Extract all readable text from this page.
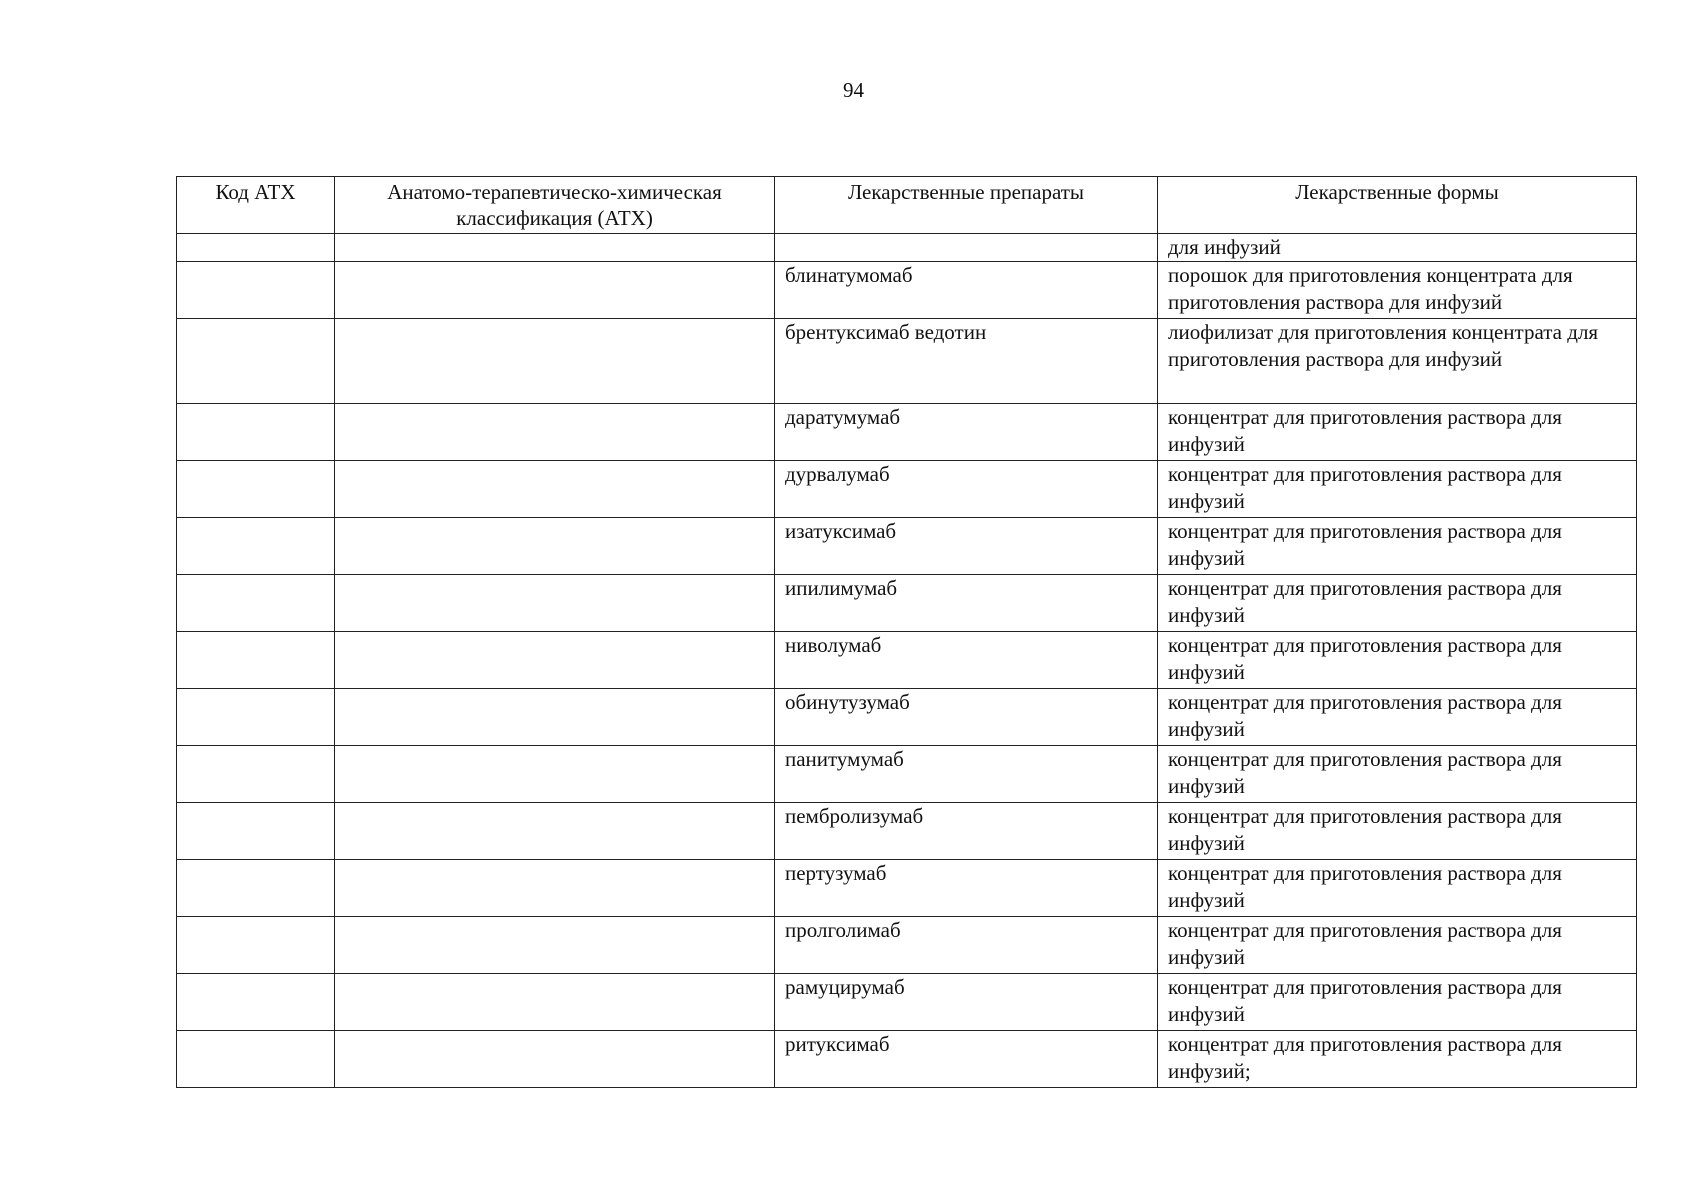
94
Код АТХ	Анатомо-терапевтическо-химическая классификация (АТХ)	Лекарственные препараты	Лекарственные формы
			для инфузий
		блинатумомаб	порошок для приготовления концентрата для приготовления раствора для инфузий
		брентуксимаб ведотин	лиофилизат для приготовления концентрата для приготовления раствора для инфузий
		даратумумаб	концентрат для приготовления раствора для инфузий
		дурвалумаб	концентрат для приготовления раствора для инфузий
		изатуксимаб	концентрат для приготовления раствора для инфузий
		ипилимумаб	концентрат для приготовления раствора для инфузий
		ниволумаб	концентрат для приготовления раствора для инфузий
		обинутузумаб	концентрат для приготовления раствора для инфузий
		панитумумаб	концентрат для приготовления раствора для инфузий
		пембролизумаб	концентрат для приготовления раствора для инфузий
		пертузумаб	концентрат для приготовления раствора для инфузий
		пролголимаб	концентрат для приготовления раствора для инфузий
		рамуцирумаб	концентрат для приготовления раствора для инфузий
		ритуксимаб	концентрат для приготовления раствора для инфузий;
